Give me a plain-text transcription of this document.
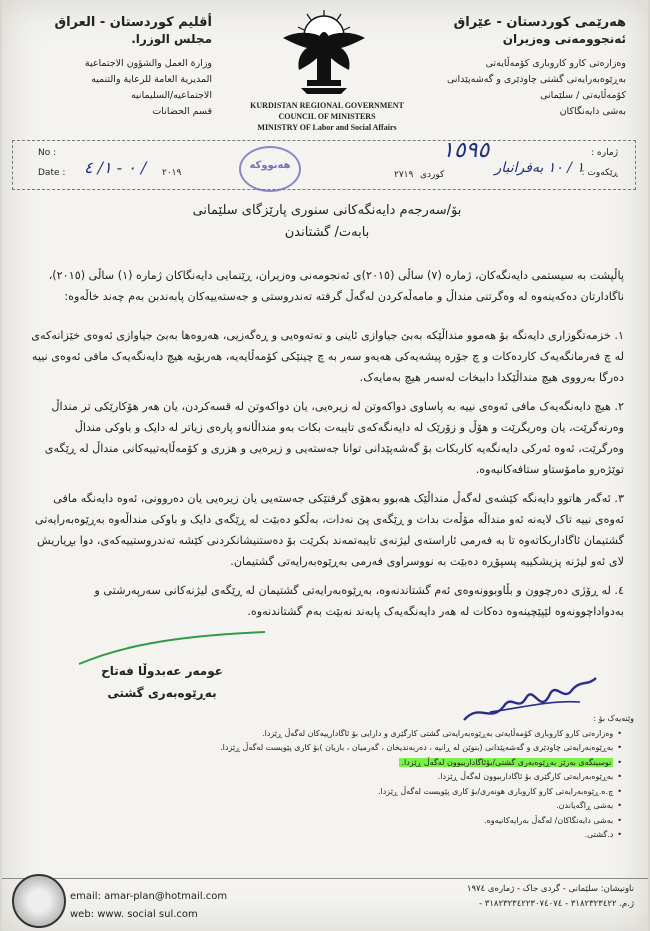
هەرێمی کوردستان - عێراق
ئەنجوومەنی وەزیران
وەزارەتی کارو کاروباری کۆمەڵایەتی
بەڕێوەبەرایەتی گشتی چاودێری و گەشەپێدانی
کۆمەڵایەتی / سلێمانی
بەشی دایەنگاکان
أقليم كوردستان - العراق
مجلس الوزرا.
وزارة العمل والشؤون الاجتماعية
المديرية العامة للرعاية والتنميه
الاجتماعيه/السليمانيه
قسم الحضانات
KURDISTAN REGIONAL GOVERNMENT
COUNCIL OF MINISTERS
MINISTRY OF Labor and Social Affairs
No :
Date : ٠ - ١/ ٤ / ٢٠١٩
هەنووکە
ژمارە :
ڕێکەوت :
١٥٩٥
١ / ١٠ بەفرانبار
٢٧١٩ کوردی
بۆ/سەرجەم دایەنگەکانی سنوری پارێزگای سلێمانی
بابەت/ گشتاندن

پاڵپشت بە سیستمی دایەنگەکان، ژمارە (٧) ساڵی (٢٠١٥)ی ئەنجومەنی وەزیران، ڕێنمایی دایەنگاکان ژمارە (١) ساڵی (٢٠١٥)، ناگادارتان دەکەینەوە لە وەگرتنی منداڵ و مامەڵەکردن لەگەڵ گرفتە تەندروستی و جەستەییەکان پابەندبن بەم چەند خاڵەوە:

١. خزمەتگوزاری دایەنگە بۆ هەموو منداڵێکە بەبێ جیاوازی ئاینی و نەتەوەیی و ڕەگەزیی، هەروەها بەبێ جیاوازی ئەوەی خێزانەکەی لە چ فەرمانگەیەک کاردەکات و چ جۆرە پیشەیەکی هەیەو سەر بە چ چینێکی کۆمەڵایەیە، هەربۆیە هیچ دایەنگەیەک مافی ئەوەی نییە دەرگا بەرووی هیچ منداڵێکدا داببخات لەسەر هیچ بەمایەک.

٢. هیچ دایەنگەیەک مافی ئەوەی نییە بە پاساوی دواکەوتن لە زیرەیی، یان دواکەوتن لە قسەکردن، یان هەر هۆکارێکی تر منداڵ وەرنەگرێت، یان وەریگرێت و هۆڵ و زۆرێک لە دایەنگەکەی تایبەت بکات بەو منداڵانەو پارەی زیاتر لە دایک و باوکی منداڵ وەرگرێت، ئەوە ئەرکی دایەنگەیە کاربکات بۆ گەشەپێدانی توانا جەستەیی و زیرەیی و هزری و کۆمەڵایەتییەکانی منداڵ لە ڕێگەی توێژەرو مامۆستاو ستافەکانیەوە.

٣. ئەگەر هاتوو دایەنگە کێشەی لەگەڵ منداڵێک هەبوو بەهۆی گرفتێکی جەستەیی یان زیرەیی یان دەروونی، ئەوە دایەنگە مافی ئەوەی نییە تاک لایەنە ئەو منداڵە مۆڵەت بدات و ڕێگەی پێ نەدات، بەڵکو دەبێت لە ڕێگەی دایک و باوکی منداڵەوە بەڕێوەبەرایەتی گشتیمان ئاگاداربکاتەوە تا بە فەرمی ئاراستەی لیژنەی تایبەتمەند بکرێت بۆ دەستنیشانکردنی کێشە تەندروستییەکەی، دوا بڕیاریش لای ئەو لیژنە پزیشکییە پسپۆڕە دەبێت بە نووسراوی فەرمی بەڕێوەبەرایەتی گشتیمان.

٤. لە ڕۆژی دەرچوون و بڵاوبوونەوەی ئەم گشتاندنەوە، بەڕێوەبەرایەتی گشتیمان لە ڕێگەی لیژنەکانی سەرپەرشتی و بەدواداچوونەوە لێپێچینەوە دەکات لە هەر دایەنگەیەک پابەند نەبێت بەم گشتاندنەوە.

عومەر عەبدوڵا فەتاح
بەڕێوەبەری گشتی
وێنەیەک بۆ :
• وەزارەتی کارو کاروباری کۆمەڵایەتی بەڕێوەبەرایەتی گشتی کارگێری و دارایی بۆ ئاگادارییەکان لەگەڵ ڕێزدا.
• بەڕێوەبەرایەتی چاودێری و گەشەپێدانی (بنوێن لە ڕانیە ، دەربەندیخان ، گەرمیان ، بازیان )بۆ کاری پێویست لەگەڵ ڕێزدا.
• نوسینگەی بەرێز بەڕێوەبەری گشتی/بۆئاگاداربیوون لەگەڵ ڕێزدا.
• بەڕێوەبەرایەتی کارگێری بۆ ئاگاداربیوون لەگەڵ ڕێزدا.
• چ.ە.ڕێوەبەرایەتی کارو کاروباری هونەری/بۆ کاری پێویست لەگەڵ ڕێزدا.
• بەشی ڕاگەیاندن.
• بەشی دایەنگاکان/ لەگەڵ بەرایەکانیەوە.
• د.گشتی.
email: amar-plan@hotmail.com
web: www. social sul.com
ناونیشان: سلێمانی - گردی جاک - ژمارەی ١٩٧٤
ژ.م. ٣١٨٢٣٢٣٤٢٢ - ٣١٨٢٣٢٣٤٢٢٣٠٧٤٠٧٤ -
